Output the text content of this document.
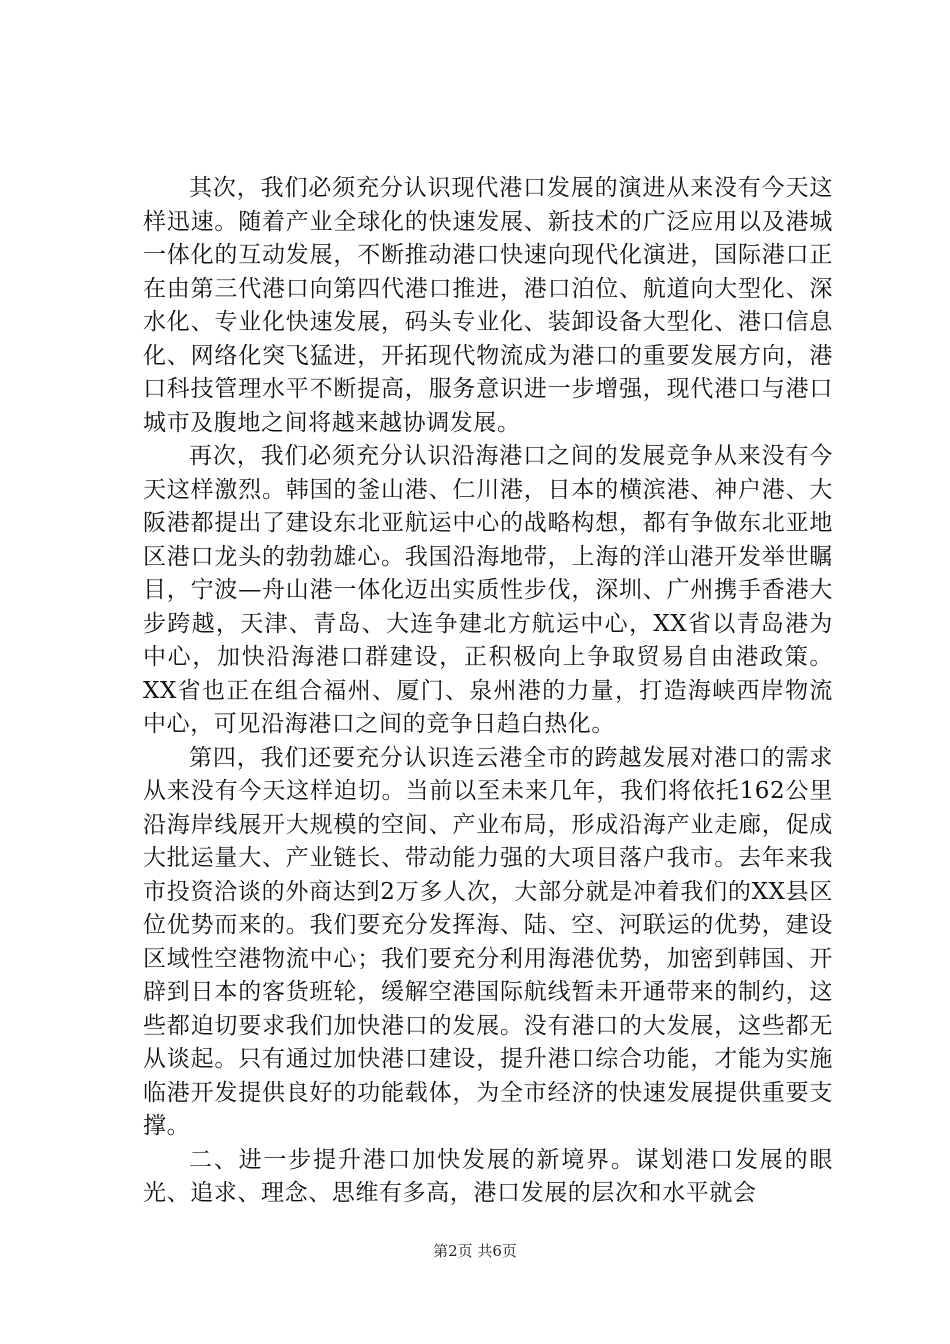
其次，我们必须充分认识现代港口发展的演进从来没有今天这样迅速。随着产业全球化的快速发展、新技术的广泛应用以及港城一体化的互动发展，不断推动港口快速向现代化演进，国际港口正在由第三代港口向第四代港口推进，港口泊位、航道向大型化、深水化、专业化快速发展，码头专业化、装卸设备大型化、港口信息化、网络化突飞猛进，开拓现代物流成为港口的重要发展方向，港口科技管理水平不断提高，服务意识进一步增强，现代港口与港口城市及腹地之间将越来越协调发展。

再次，我们必须充分认识沿海港口之间的发展竞争从来没有今天这样激烈。韩国的釜山港、仁川港，日本的横滨港、神户港、大阪港都提出了建设东北亚航运中心的战略构想，都有争做东北亚地区港口龙头的勃勃雄心。我国沿海地带，上海的洋山港开发举世瞩目，宁波—舟山港一体化迈出实质性步伐，深圳、广州携手香港大步跨越，天津、青岛、大连争建北方航运中心，XX省以青岛港为中心，加快沿海港口群建设，正积极向上争取贸易自由港政策。XX省也正在组合福州、厦门、泉州港的力量，打造海峡西岸物流中心，可见沿海港口之间的竞争日趋白热化。

第四，我们还要充分认识连云港全市的跨越发展对港口的需求从来没有今天这样迫切。当前以至未来几年，我们将依托162公里沿海岸线展开大规模的空间、产业布局，形成沿海产业走廊，促成大批运量大、产业链长、带动能力强的大项目落户我市。去年来我市投资洽谈的外商达到2万多人次，大部分就是冲着我们的XX县区位优势而来的。我们要充分发挥海、陆、空、河联运的优势，建设区域性空港物流中心；我们要充分利用海港优势，加密到韩国、开辟到日本的客货班轮，缓解空港国际航线暂未开通带来的制约，这些都迫切要求我们加快港口的发展。没有港口的大发展，这些都无从谈起。只有通过加快港口建设，提升港口综合功能，才能为实施临港开发提供良好的功能载体，为全市经济的快速发展提供重要支撑。

二、进一步提升港口加快发展的新境界。谋划港口发展的眼光、追求、理念、思维有多高，港口发展的层次和水平就会

第2页 共6页
